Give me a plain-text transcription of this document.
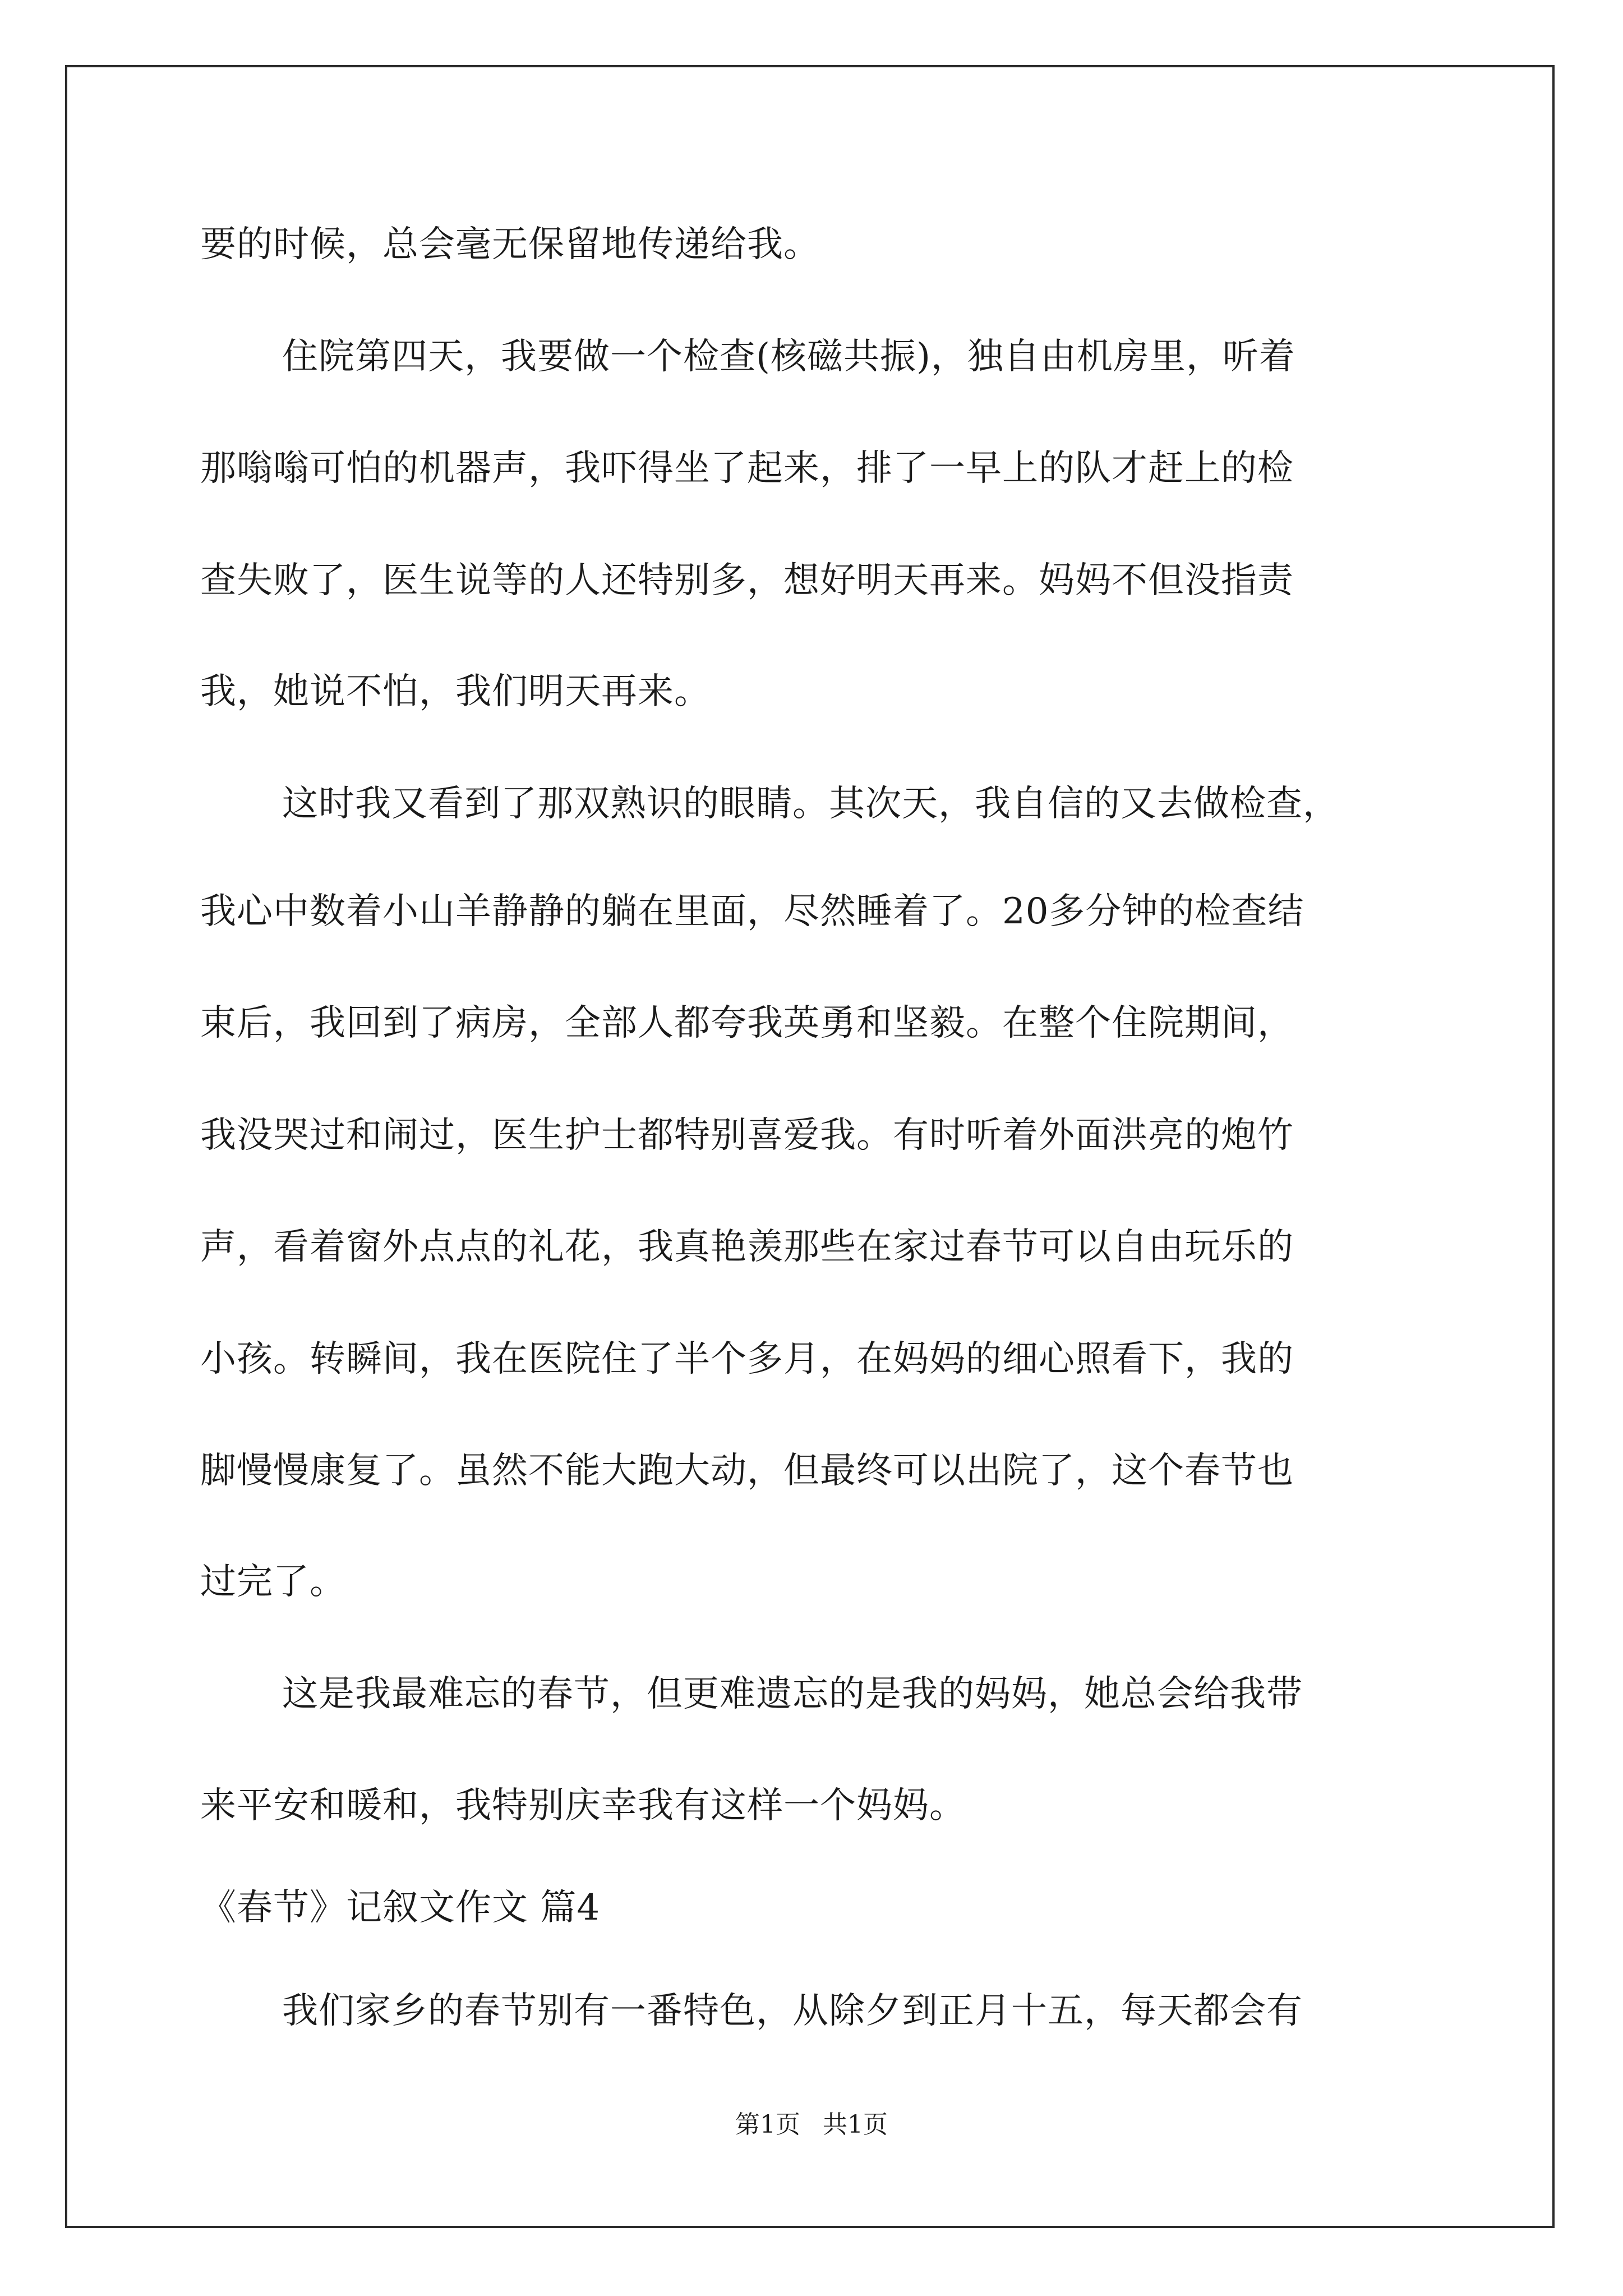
要的时候，总会毫无保留地传递给我。
住院第四天，我要做一个检查(核磁共振)，独自由机房里，听着
那嗡嗡可怕的机器声，我吓得坐了起来，排了一早上的队才赶上的检
查失败了，医生说等的人还特别多，想好明天再来。妈妈不但没指责
我，她说不怕，我们明天再来。
这时我又看到了那双熟识的眼睛。其次天，我自信的又去做检查，
我心中数着小山羊静静的躺在里面，尽然睡着了。20多分钟的检查结
束后，我回到了病房，全部人都夸我英勇和坚毅。在整个住院期间，
我没哭过和闹过，医生护士都特别喜爱我。有时听着外面洪亮的炮竹
声，看着窗外点点的礼花，我真艳羡那些在家过春节可以自由玩乐的
小孩。转瞬间，我在医院住了半个多月，在妈妈的细心照看下，我的
脚慢慢康复了。虽然不能大跑大动，但最终可以出院了，这个春节也
过完了。
这是我最难忘的春节，但更难遗忘的是我的妈妈，她总会给我带
来平安和暖和，我特别庆幸我有这样一个妈妈。
《春节》记叙文作文 篇4
我们家乡的春节别有一番特色，从除夕到正月十五，每天都会有
第1页 共1页
